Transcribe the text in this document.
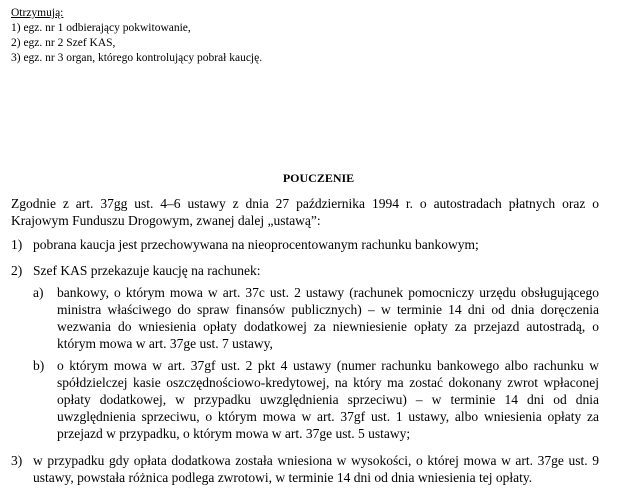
Otrzymują:
1) egz. nr 1 odbierający pokwitowanie,
2) egz. nr 2 Szef KAS,
3) egz. nr 3 organ, którego kontrolujący pobrał kaucję.
POUCZENIE
Zgodnie z art. 37gg ust. 4–6 ustawy z dnia 27 października 1994 r. o autostradach płatnych oraz o Krajowym Funduszu Drogowym, zwanej dalej „ustawą”:
1) pobrana kaucja jest przechowywana na nieoprocentowanym rachunku bankowym;
2) Szef KAS przekazuje kaucję na rachunek:
a)	bankowy, o którym mowa w art. 37c ust. 2 ustawy (rachunek pomocniczy urzędu obsługującego ministra właściwego do spraw finansów publicznych) – w terminie 14 dni od dnia doręczenia wezwania do wniesienia opłaty dodatkowej za niewniesienie opłaty za przejazd autostradą, o którym mowa w art. 37ge ust. 7 ustawy,
b) o którym mowa w art. 37gf ust. 2 pkt 4 ustawy (numer rachunku bankowego albo rachunku w spółdzielczej kasie oszczędnościowo-kredytowej, na który ma zostać dokonany zwrot wpłaconej opłaty dodatkowej, w przypadku uwzględnienia sprzeciwu) – w terminie 14 dni od dnia uwzględnienia sprzeciwu, o którym mowa w art. 37gf ust. 1 ustawy, albo wniesienia opłaty za przejazd w przypadku, o którym mowa w art. 37ge ust. 5 ustawy;
3) w przypadku gdy opłata dodatkowa została wniesiona w wysokości, o której mowa w art. 37ge ust. 9 ustawy, powstała różnica podlega zwrotowi, w terminie 14 dni od dnia wniesienia tej opłaty.
